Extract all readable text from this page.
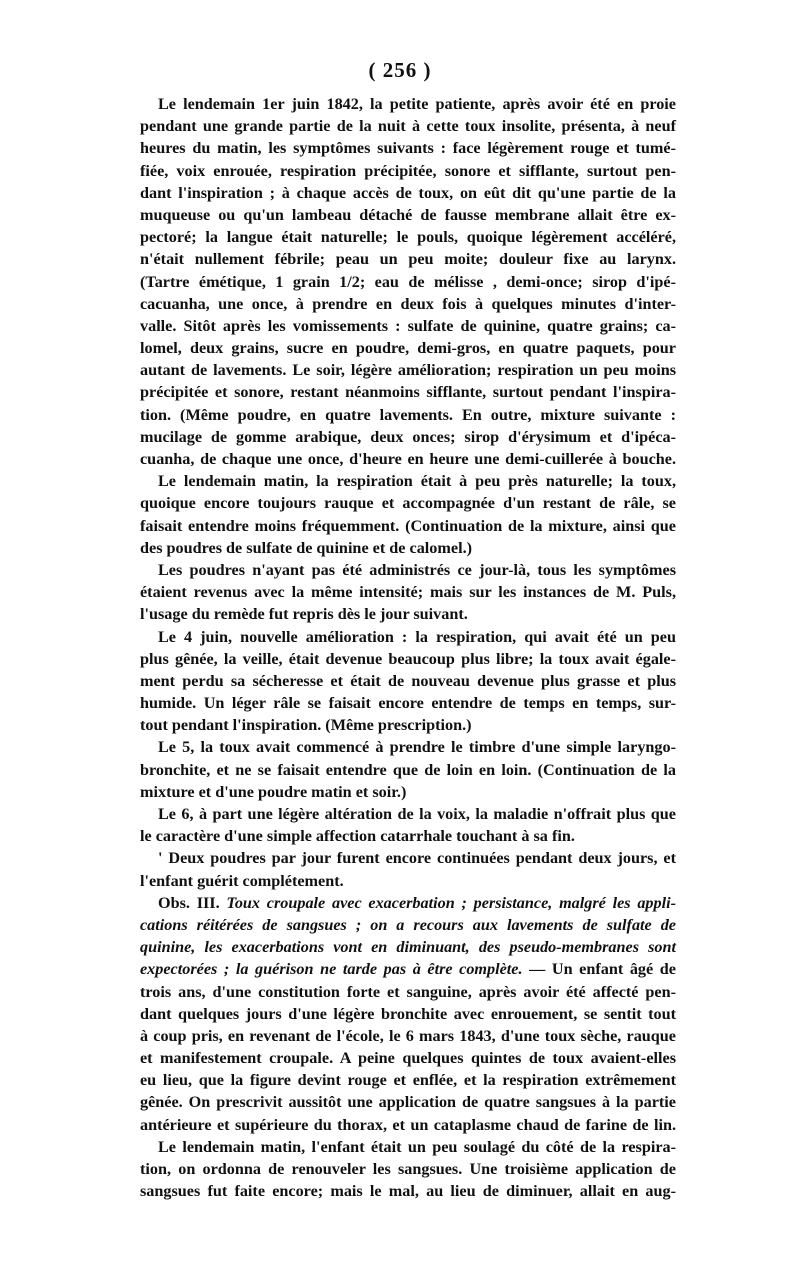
( 256 )
Le lendemain 1er juin 1842, la petite patiente, après avoir été en proie
pendant une grande partie de la nuit à cette toux insolite, présenta, à neuf
heures du matin, les symptômes suivants : face légèrement rouge et tumé-
fiée, voix enrouée, respiration précipitée, sonore et sifflante, surtout pen-
dant l'inspiration ; à chaque accès de toux, on eût dit qu'une partie de la
muqueuse ou qu'un lambeau détaché de fausse membrane allait être ex-
pectoré; la langue était naturelle; le pouls, quoique légèrement accéléré,
n'était nullement fébrile; peau un peu moite; douleur fixe au larynx.
(Tartre émétique, 1 grain 1/2; eau de mélisse , demi-once; sirop d'ipé-
cacuanha, une once, à prendre en deux fois à quelques minutes d'inter-
valle. Sitôt après les vomissements : sulfate de quinine, quatre grains; ca-
lomel, deux grains, sucre en poudre, demi-gros, en quatre paquets, pour
autant de lavements. Le soir, légère amélioration; respiration un peu moins
précipitée et sonore, restant néanmoins sifflante, surtout pendant l'inspira-
tion. (Même poudre, en quatre lavements. En outre, mixture suivante :
mucilage de gomme arabique, deux onces; sirop d'érysimum et d'ipéca-
cuanha, de chaque une once, d'heure en heure une demi-cuillerée à bouche.
Le lendemain matin, la respiration était à peu près naturelle; la toux,
quoique encore toujours rauque et accompagnée d'un restant de râle, se
faisait entendre moins fréquemment. (Continuation de la mixture, ainsi que
des poudres de sulfate de quinine et de calomel.)
Les poudres n'ayant pas été administrés ce jour-là, tous les symptômes
étaient revenus avec la même intensité; mais sur les instances de M. Puls,
l'usage du remède fut repris dès le jour suivant.
Le 4 juin, nouvelle amélioration : la respiration, qui avait été un peu
plus gênée, la veille, était devenue beaucoup plus libre; la toux avait égale-
ment perdu sa sécheresse et était de nouveau devenue plus grasse et plus
humide. Un léger râle se faisait encore entendre de temps en temps, sur-
tout pendant l'inspiration. (Même prescription.)
Le 5, la toux avait commencé à prendre le timbre d'une simple laryngo-
bronchite, et ne se faisait entendre que de loin en loin. (Continuation de la
mixture et d'une poudre matin et soir.)
Le 6, à part une légère altération de la voix, la maladie n'offrait plus que
le caractère d'une simple affection catarrhale touchant à sa fin.
' Deux poudres par jour furent encore continuées pendant deux jours, et
l'enfant guérit complétement.
Obs. III. Toux croupale avec exacerbation ; persistance, malgré les appli-
cations réitérées de sangsues ; on a recours aux lavements de sulfate de
quinine, les exacerbations vont en diminuant, des pseudo-membranes sont
expectorées ; la guérison ne tarde pas à être complète. — Un enfant âgé de
trois ans, d'une constitution forte et sanguine, après avoir été affecté pen-
dant quelques jours d'une légère bronchite avec enrouement, se sentit tout
à coup pris, en revenant de l'école, le 6 mars 1843, d'une toux sèche, rauque
et manifestement croupale. A peine quelques quintes de toux avaient-elles
eu lieu, que la figure devint rouge et enflée, et la respiration extrêmement
gênée. On prescrivit aussitôt une application de quatre sangsues à la partie
antérieure et supérieure du thorax, et un cataplasme chaud de farine de lin.
Le lendemain matin, l'enfant était un peu soulagé du côté de la respira-
tion, on ordonna de renouveler les sangsues. Une troisième application de
sangsues fut faite encore; mais le mal, au lieu de diminuer, allait en aug-
